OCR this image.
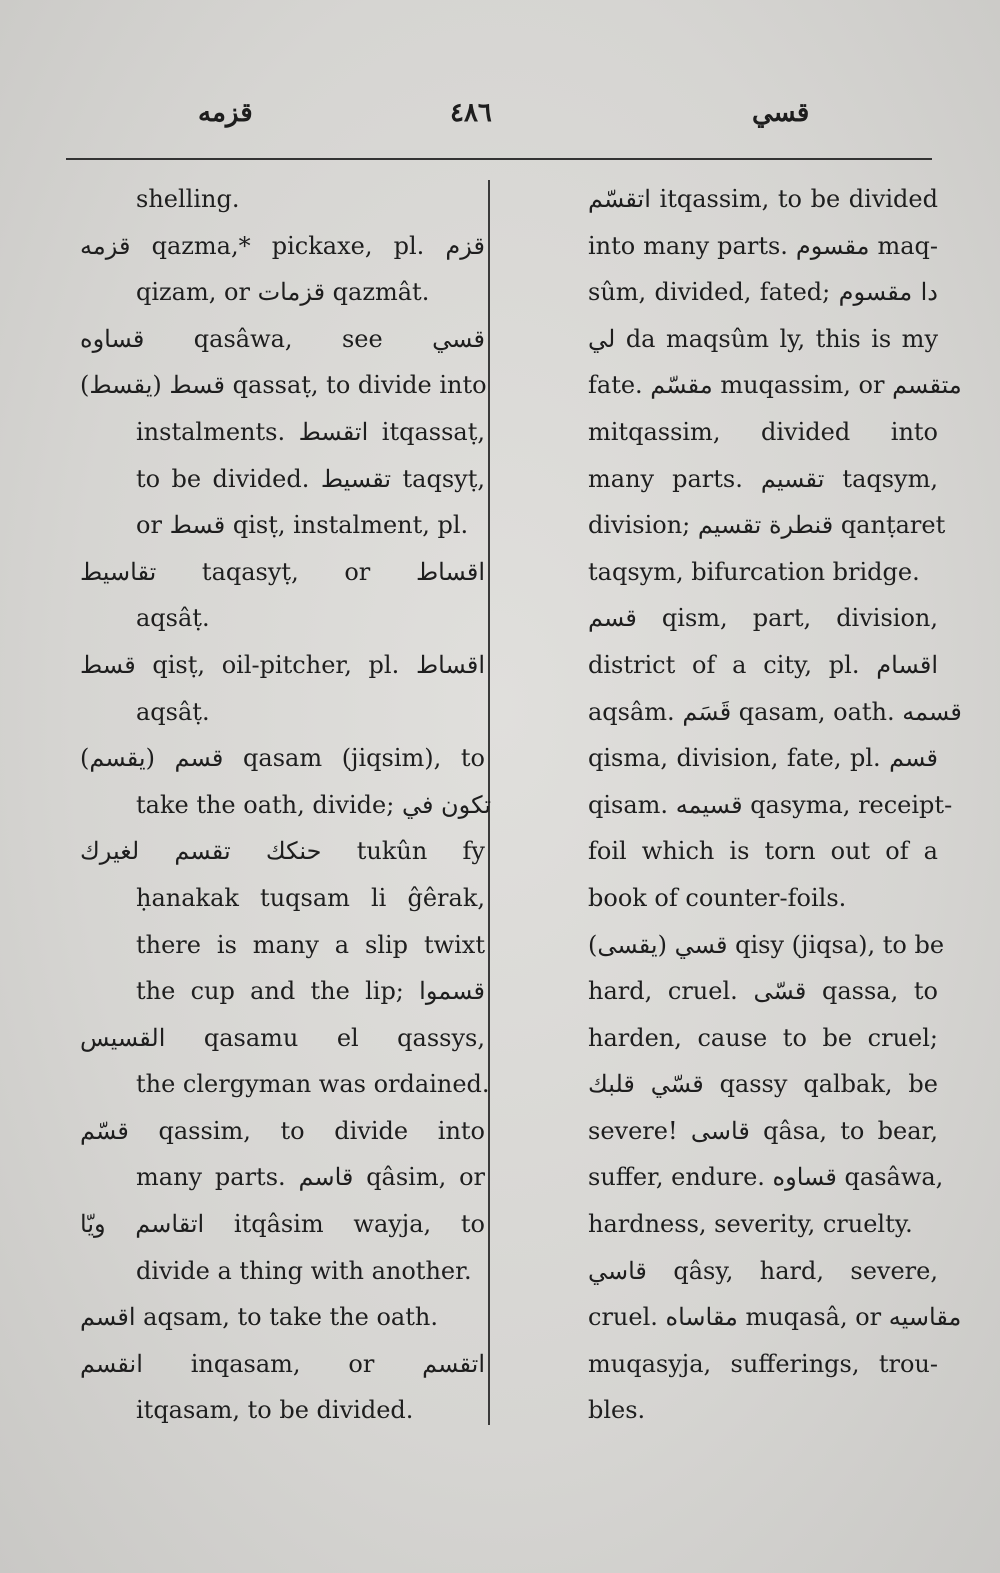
قزمه	٤٨٦	قسي
shelling.
قزمه qazma,* pickaxe, pl. قزم
qizam, or قزمات qazmât.
قساوه qasâwa, see قسي
قسط (يقسط) qassaṭ, to divide into
instalments. اتقسط itqassaṭ,
to be divided. تقسيط taqsyṭ,
or قسط qisṭ, instalment, pl.
تقاسيط taqasyṭ, or اقساط
aqsâṭ.
قسط qisṭ, oil-pitcher, pl. اقساط
aqsâṭ.
قسم (يقسم) qasam (jiqsim), to
take the oath, divide; تكون في
حنكك تقسم لغيرك tukûn fy
ḥanakak tuqsam li ĝêrak,
there is many a slip twixt
the cup and the lip; قسموا
القسيس qasamu el qassys,
the clergyman was ordained.
قسّم qassim, to divide into
many parts. قاسم qâsim, or
اتقاسم ويّا itqâsim wayja, to
divide a thing with another.
اقسم aqsam, to take the oath.
انقسم inqasam, or اتقسم
itqasam, to be divided.
اتقسّم itqassim, to be divided
into many parts. مقسوم maq-
sûm, divided, fated; دا مقسوم
لي da maqsûm ly, this is my
fate. مقسّم muqassim, or متقسم
mitqassim, divided into
many parts. تقسيم taqsym,
division; قنطرة تقسيم qanṭaret
taqsym, bifurcation bridge.
قسم qism, part, division,
district of a city, pl. اقسام
aqsâm. قَسَم qasam, oath. قسمه
qisma, division, fate, pl. قسم
qisam. قسيمه qasyma, receipt-
foil which is torn out of a
book of counter-foils.
قسي (يقسى) qisy (jiqsa), to be
hard, cruel. قسّى qassa, to
harden, cause to be cruel;
قسّي قلبك qassy qalbak, be
severe! قاسى qâsa, to bear,
suffer, endure. قساوه qasâwa,
hardness, severity, cruelty.
قاسي qâsy, hard, severe,
cruel. مقاساه muqasâ, or مقاسيه
muqasyja, sufferings, trou-
bles.
